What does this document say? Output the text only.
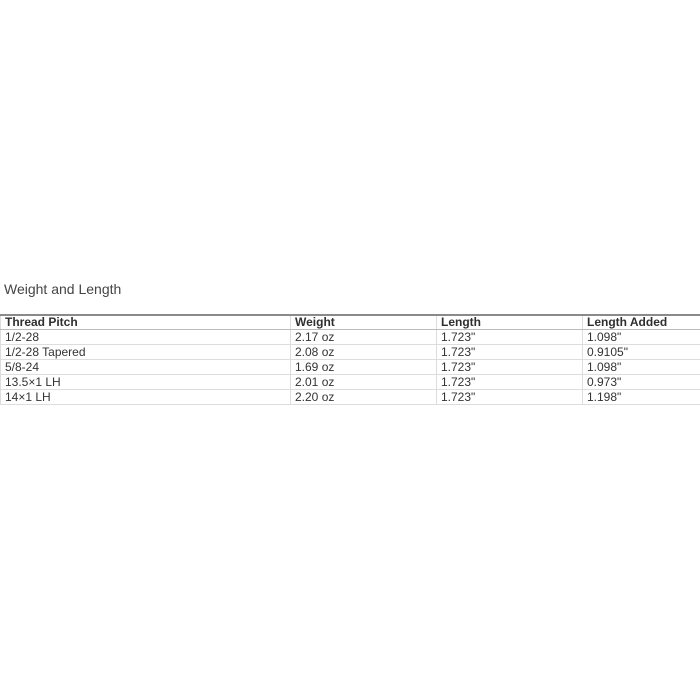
Weight and Length
Thread Pitch	Weight	Length	Length Added
1/2-28	2.17 oz	1.723"	1.098"
1/2-28 Tapered	2.08 oz	1.723"	0.9105"
5/8-24	1.69 oz	1.723"	1.098"
13.5×1 LH	2.01 oz	1.723"	0.973"
14×1 LH	2.20 oz	1.723"	1.198"
